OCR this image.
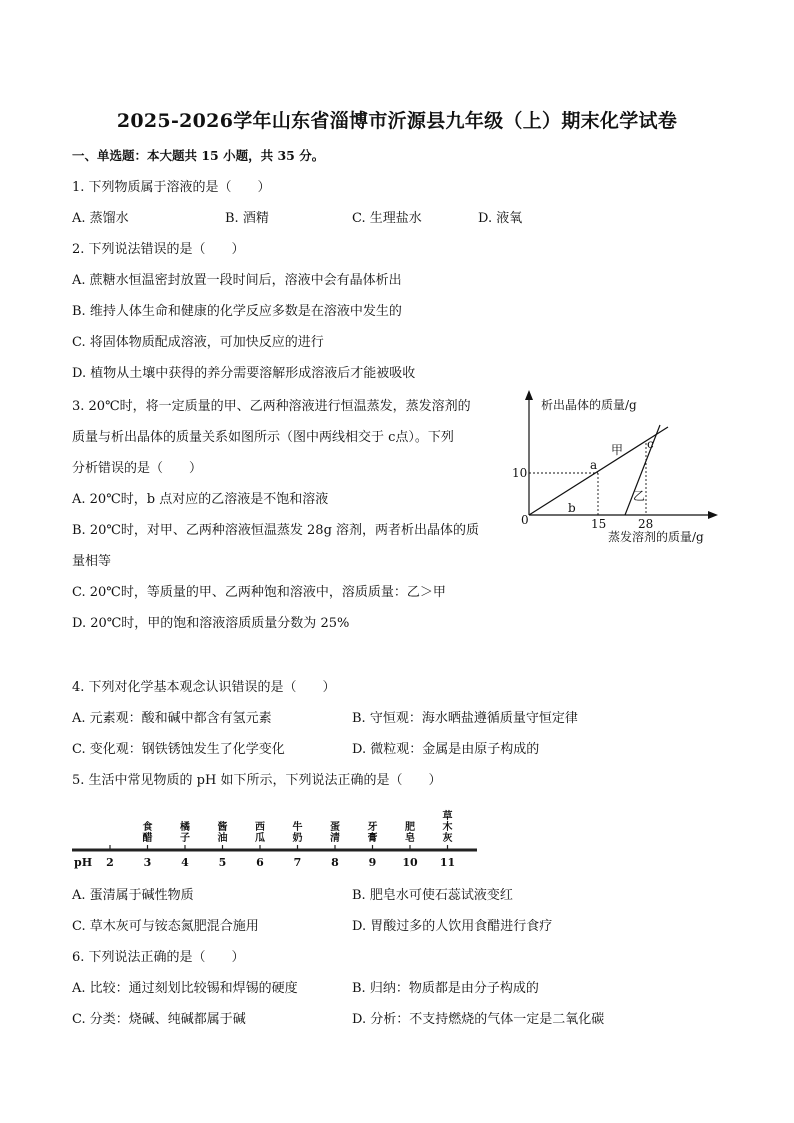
2025-2026学年山东省淄博市沂源县九年级（上）期末化学试卷
一、单选题：本大题共 15 小题，共 35 分。
1. 下列物质属于溶液的是（　　）
A. 蒸馏水	B. 酒精	C. 生理盐水	D. 液氧
2. 下列说法错误的是（　　）
A. 蔗糖水恒温密封放置一段时间后，溶液中会有晶体析出
B. 维持人体生命和健康的化学反应多数是在溶液中发生的
C. 将固体物质配成溶液，可加快反应的进行
D. 植物从土壤中获得的养分需要溶解形成溶液后才能被吸收
3. 20℃时，将一定质量的甲、乙两种溶液进行恒温蒸发，蒸发溶剂的
质量与析出晶体的质量关系如图所示（图中两线相交于 c点）。下列
分析错误的是（　　）
A. 20℃时，b 点对应的乙溶液是不饱和溶液
B. 20℃时，对甲、乙两种溶液恒温蒸发 28g 溶剂，两者析出晶体的质
量相等
C. 20℃时，等质量的甲、乙两种饱和溶液中，溶质质量：乙＞甲
D. 20℃时，甲的饱和溶液溶质质量分数为 25%
析出晶体的质量/g
蒸发溶剂的质量/g
0	15	28
10
甲
乙
a
b
c
4. 下列对化学基本观念认识错误的是（　　）
A. 元素观：酸和碱中都含有氢元素	B. 守恒观：海水晒盐遵循质量守恒定律
C. 变化观：钢铁锈蚀发生了化学变化	D. 微粒观：金属是由原子构成的
5. 生活中常见物质的 pH 如下所示，下列说法正确的是（　　）
pH 2	3	4	5	6	7	8	9 10 11
食醋
橘子
酱油
西瓜
牛奶
蛋清
牙膏
肥皂
草木灰
A. 蛋清属于碱性物质	B. 肥皂水可使石蕊试液变红
C. 草木灰可与铵态氮肥混合施用	D. 胃酸过多的人饮用食醋进行食疗
6. 下列说法正确的是（　　）
A. 比较：通过刻划比较锡和焊锡的硬度	B. 归纳：物质都是由分子构成的
C. 分类：烧碱、纯碱都属于碱	D. 分析：不支持燃烧的气体一定是二氧化碳
